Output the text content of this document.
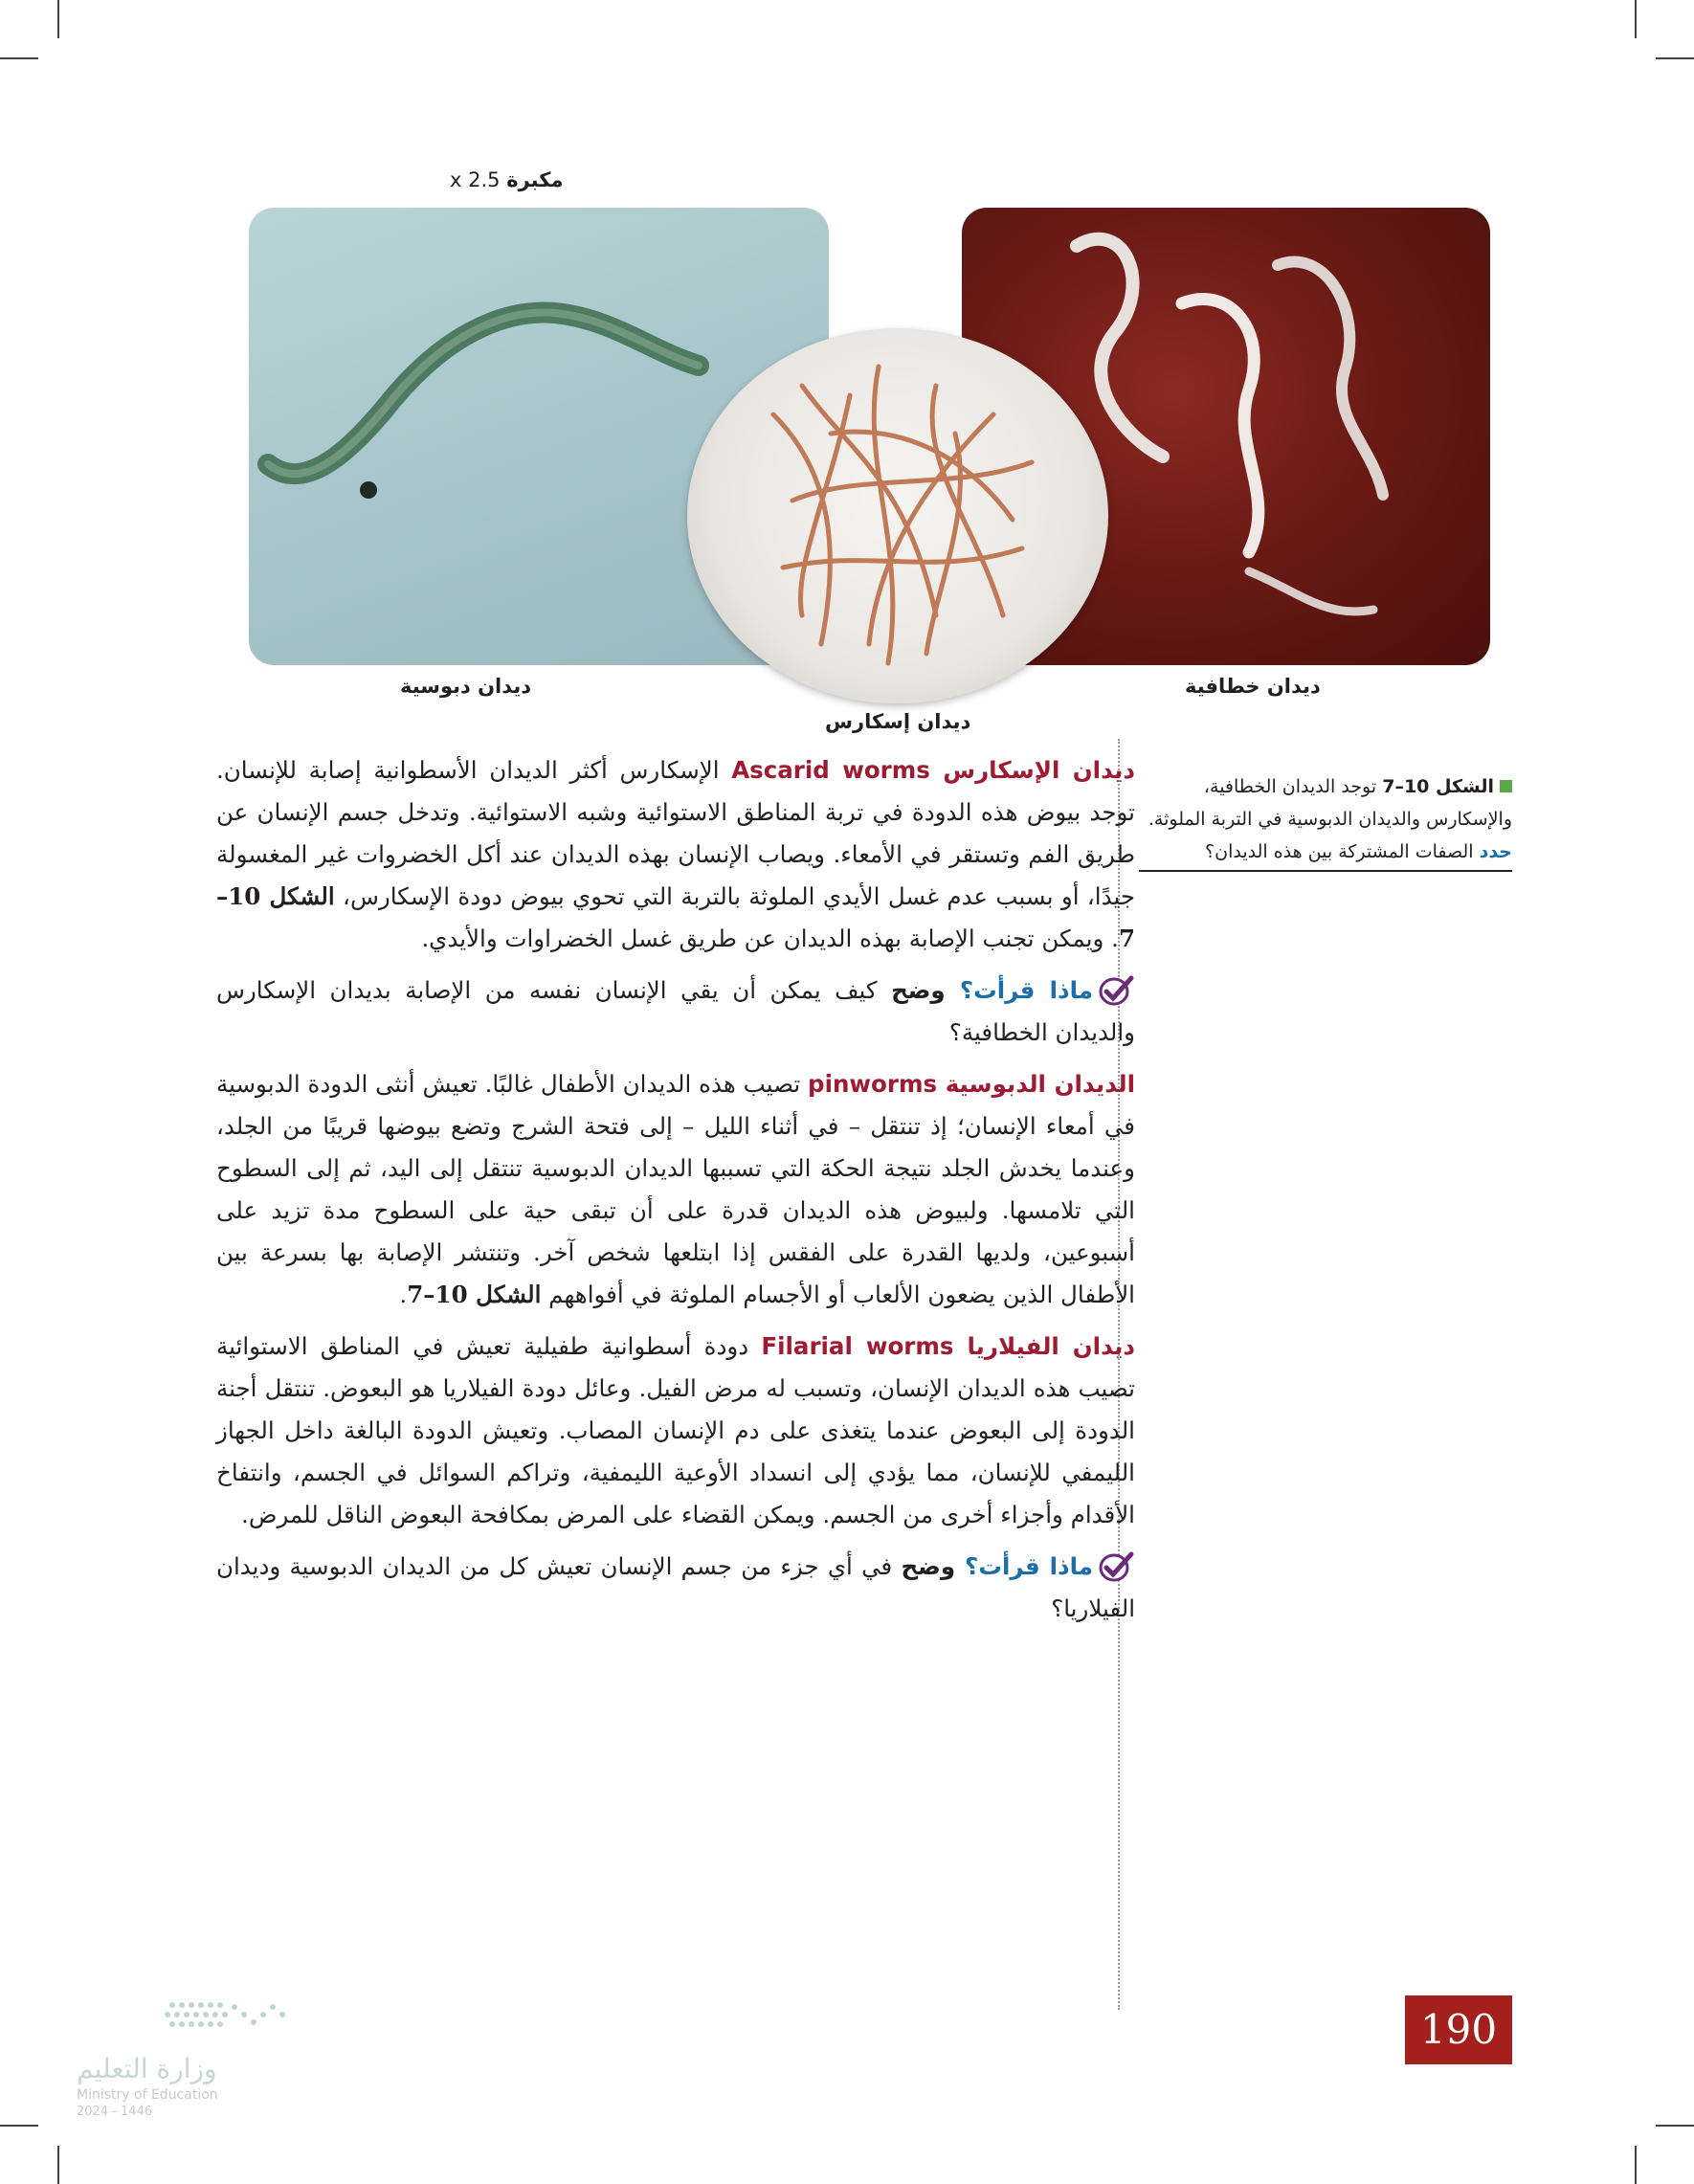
مكبرة 2.5 x
ديدان دبوسية
ديدان إسكارس
ديدان خطافية
الشكل 10–7 توجد الديدان الخطافية، والإسكارس والديدان الدبوسية في التربة الملوثة.
حدد الصفات المشتركة بين هذه الديدان؟

ديدان الإسكارس Ascarid worms الإسكارس أكثر الديدان الأسطوانية إصابة للإنسان. توجد بيوض هذه الدودة في تربة المناطق الاستوائية وشبه الاستوائية. وتدخل جسم الإنسان عن طريق الفم وتستقر في الأمعاء. ويصاب الإنسان بهذه الديدان عند أكل الخضروات غير المغسولة جيدًا، أو بسبب عدم غسل الأيدي الملوثة بالتربة التي تحوي بيوض دودة الإسكارس، الشكل 10–7. ويمكن تجنب الإصابة بهذه الديدان عن طريق غسل الخضراوات والأيدي.

ماذا قرأت؟ وضح كيف يمكن أن يقي الإنسان نفسه من الإصابة بديدان الإسكارس والديدان الخطافية؟

الديدان الدبوسية pinworms تصيب هذه الديدان الأطفال غالبًا. تعيش أنثى الدودة الدبوسية في أمعاء الإنسان؛ إذ تنتقل – في أثناء الليل – إلى فتحة الشرج وتضع بيوضها قريبًا من الجلد، وعندما يخدش الجلد نتيجة الحكة التي تسببها الديدان الدبوسية تنتقل إلى اليد، ثم إلى السطوح التي تلامسها. ولبيوض هذه الديدان قدرة على أن تبقى حية على السطوح مدة تزيد على أسبوعين، ولديها القدرة على الفقس إذا ابتلعها شخص آخر. وتنتشر الإصابة بها بسرعة بين الأطفال الذين يضعون الألعاب أو الأجسام الملوثة في أفواههم الشكل 10–7.

ديدان الفيلاريا Filarial worms دودة أسطوانية طفيلية تعيش في المناطق الاستوائية تصيب هذه الديدان الإنسان، وتسبب له مرض الفيل. وعائل دودة الفيلاريا هو البعوض. تنتقل أجنة الدودة إلى البعوض عندما يتغذى على دم الإنسان المصاب. وتعيش الدودة البالغة داخل الجهاز الليمفي للإنسان، مما يؤدي إلى انسداد الأوعية الليمفية، وتراكم السوائل في الجسم، وانتفاخ الأقدام وأجزاء أخرى من الجسم. ويمكن القضاء على المرض بمكافحة البعوض الناقل للمرض.

ماذا قرأت؟ وضح في أي جزء من جسم الإنسان تعيش كل من الديدان الدبوسية وديدان الفيلاريا؟

190
وزارة التعليم
Ministry of Education
2024 - 1446
